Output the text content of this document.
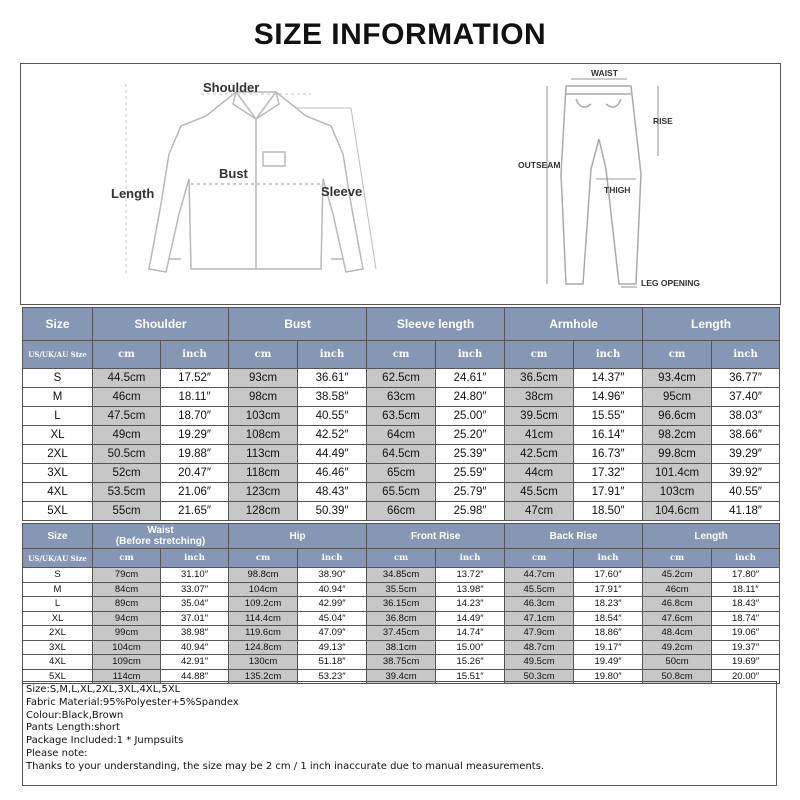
SIZE INFORMATION
Shoulder
Bust
Length	Sleeve
WAIST
RISE
OUTSEAM
THIGH
LEG OPENING
Size	Shoulder		Bust		Sleeve length		Armhole		Length	
US/UK/AU Size	cm	inch	cm	inch	cm	inch	cm	inch	cm	inch
S	44.5cm	17.52″	93cm	36.61″	62.5cm	24.61″	36.5cm	14.37″	93.4cm	36.77″
M	46cm	18.11″	98cm	38.58″	63cm	24.80″	38cm	14.96″	95cm	37.40″
L	47.5cm	18.70″	103cm	40.55″	63.5cm	25.00″	39.5cm	15.55″	96.6cm	38.03″
XL	49cm	19.29″	108cm	42.52″	64cm	25.20″	41cm	16.14″	98.2cm	38.66″
2XL	50.5cm	19.88″	113cm	44.49″	64.5cm	25.39″	42.5cm	16.73″	99.8cm	39.29″
3XL	52cm	20.47″	118cm	46.46″	65cm	25.59″	44cm	17.32″	101.4cm	39.92″
4XL	53.5cm	21.06″	123cm	48.43″	65.5cm	25.79″	45.5cm	17.91″	103cm	40.55″
5XL	55cm	21.65″	128cm	50.39″	66cm	25.98″	47cm	18.50″	104.6cm	41.18″
Size	Waist
(Before stretching)		Hip		Front Rise		Back Rise		Length	
US/UK/AU Size	cm	inch	cm	inch	cm	inch	cm	inch	cm	inch
S	79cm	31.10″	98.8cm	38.90″	34.85cm	13.72″	44.7cm	17.60″	45.2cm	17.80″
M	84cm	33.07″	104cm	40.94″	35.5cm	13.98″	45.5cm	17.91″	46cm	18.11″
L	89cm	35.04″	109.2cm	42.99″	36.15cm	14.23″	46.3cm	18.23″	46.8cm	18.43″
XL	94cm	37.01″	114.4cm	45.04″	36.8cm	14.49″	47.1cm	18.54″	47.6cm	18.74″
2XL	99cm	38.98″	119.6cm	47.09″	37.45cm	14.74″	47.9cm	18.86″	48.4cm	19.06″
3XL	104cm	40.94″	124.8cm	49.13″	38.1cm	15.00″	48.7cm	19.17″	49.2cm	19.37″
4XL	109cm	42.91″	130cm	51.18″	38.75cm	15.26″	49.5cm	19.49″	50cm	19.69″
5XL	114cm	44.88″	135.2cm	53.23″	39.4cm	15.51″	50.3cm	19.80″	50.8cm	20.00″
Size:S,M,L,XL,2XL,3XL,4XL,5XL
Fabric Material:95%Polyester+5%Spandex
Colour:Black,Brown
Pants Length:short
Package Included:1 * Jumpsuits
Please note:
Thanks to your understanding, the size may be 2 cm / 1 inch inaccurate due to manual measurements.
